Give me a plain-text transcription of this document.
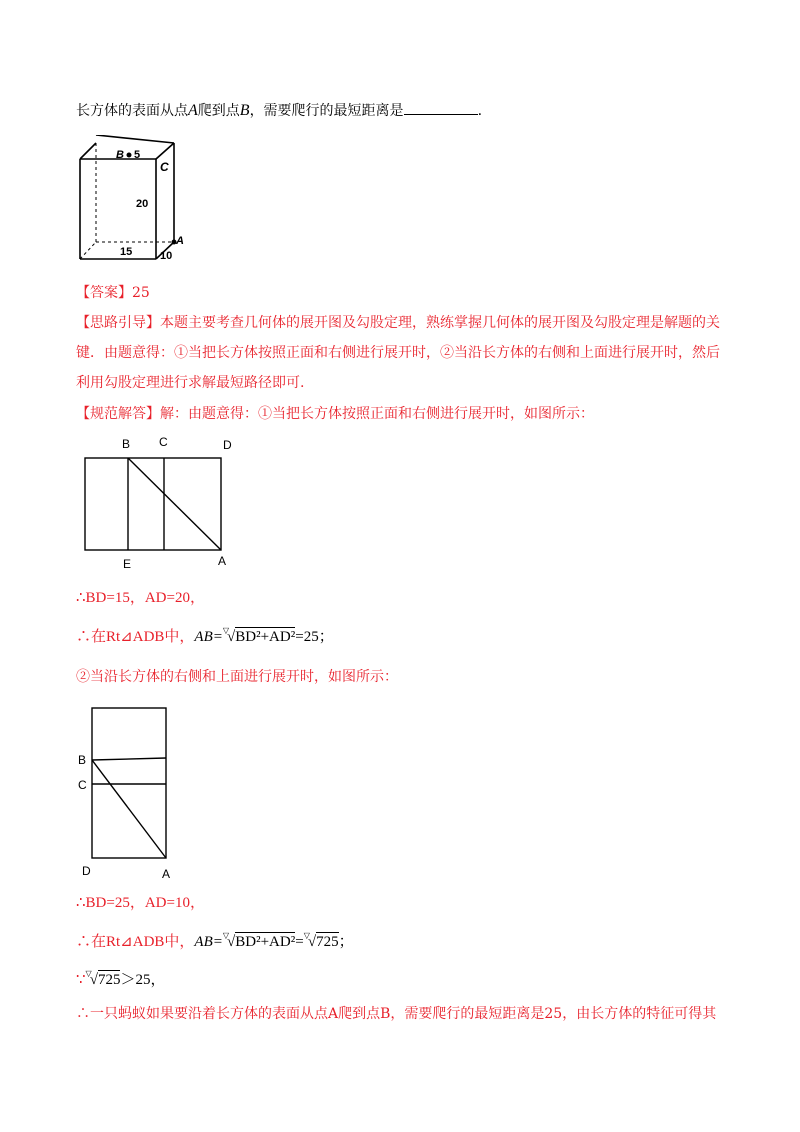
长方体的表面从点A爬到点B，需要爬行的最短距离是	.
B 5
C
20
A
15	10
【答案】25
【思路引导】本题主要考查几何体的展开图及勾股定理，熟练掌握几何体的展开图及勾股定理是解题的关
键．由题意得：①当把长方体按照正面和右侧进行展开时，②当沿长方体的右侧和上面进行展开时，然后
利用勾股定理进行求解最短路径即可.
【规范解答】解：由题意得：①当把长方体按照正面和右侧进行展开时，如图所示：
B C	D
E	A
∴BD=15，AD=20，
∴在Rt⊿ADB中，AB=▽√BD²+AD²=25；
②当沿长方体的右侧和上面进行展开时，如图所示：
B
C
D	A
∴BD=25，AD=10，
∴在Rt⊿ADB中，AB=▽√BD²+AD²=▽√725；
∵▽√725＞25，
∴一只蚂蚁如果要沿着长方体的表面从点A爬到点B，需要爬行的最短距离是25，由长方体的特征可得其
